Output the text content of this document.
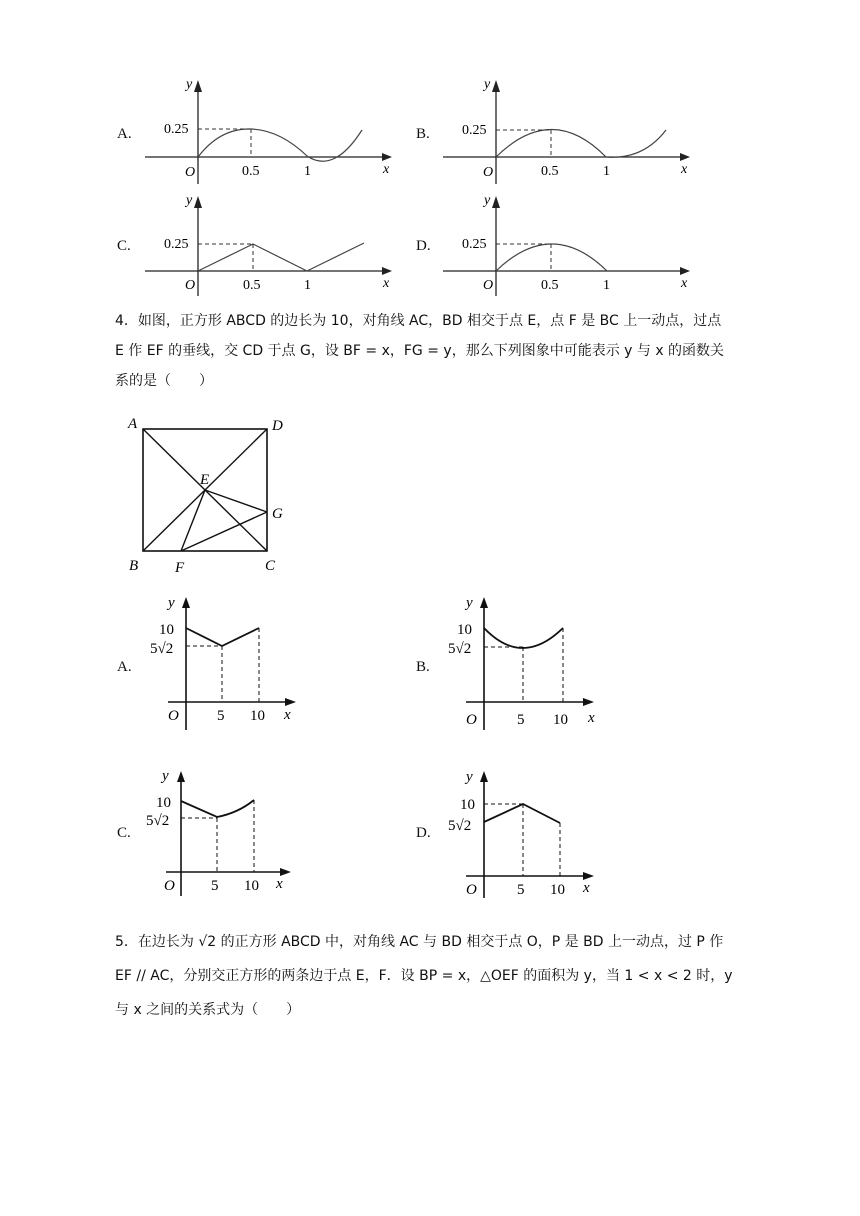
A. 0.25
0.5	1
O	x
y
B. 0.25
0.5	1
O	x
y
C. 0.25
0.5	1
O	x
y
D. 0.25
0.5	1
O	x
y
4．如图，正方形 ABCD 的边长为 10，对角线 AC，BD 相交于点 E，点 F 是 BC 上一动点，过点
E 作 EF 的垂线，交 CD 于点 G，设 BF = x，FG = y，那么下列图象中可能表示 y 与 x 的函数关
系的是（　　）
A	D
E
G
B F	C
A.
y
10
5√2
O	5 10 x
B.
y
10
5√2
O	5 10 x
C.
y
10
5√2
O 5 10 x
D.
y
10
5√2
O	5 10 x
5．在边长为 √2 的正方形 ABCD 中，对角线 AC 与 BD 相交于点 O，P 是 BD 上一动点，过 P 作
EF // AC，分别交正方形的两条边于点 E，F．设 BP = x，△OEF 的面积为 y，当 1 < x < 2 时，y
与 x 之间的关系式为（　　）
